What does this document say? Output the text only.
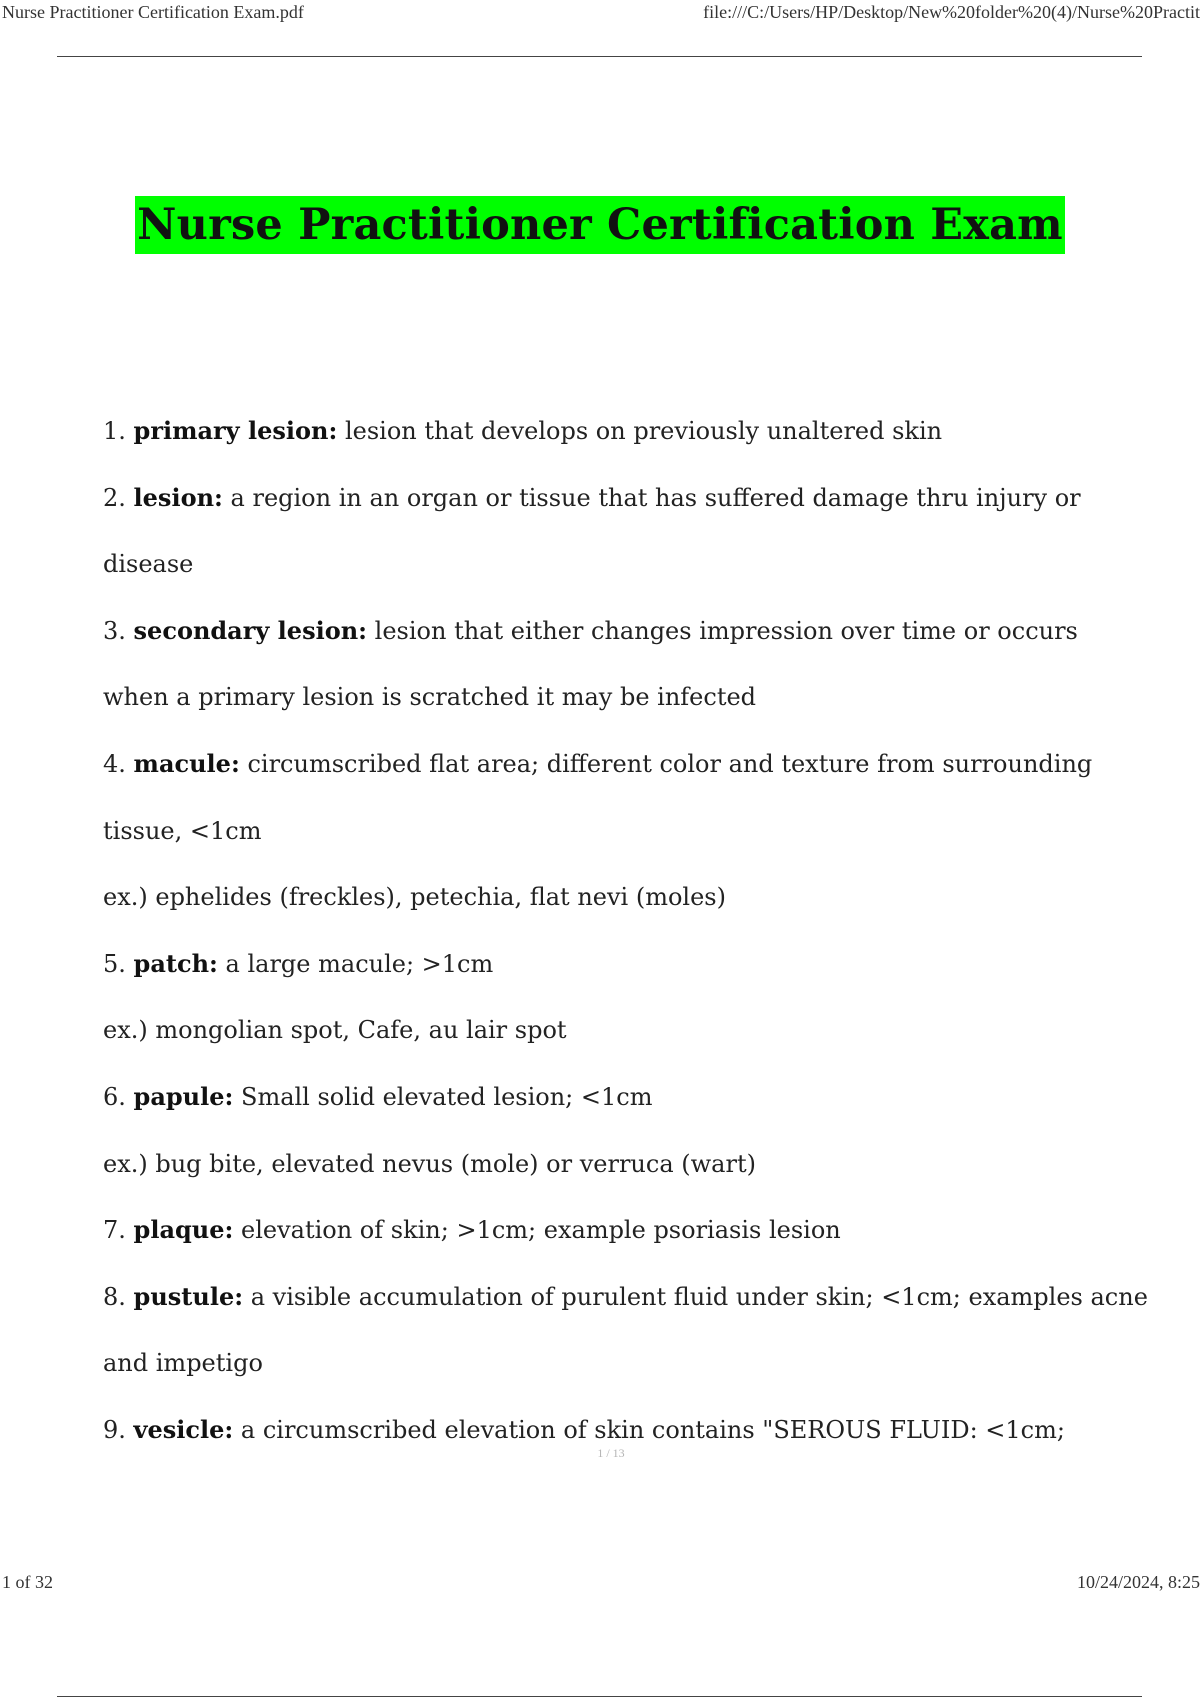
Nurse Practitioner Certification Exam.pdf	file:///C:/Users/HP/Desktop/New%20folder%20(4)/Nurse%20Practit
Nurse Practitioner Certification Exam
1. primary lesion: lesion that develops on previously unaltered skin
2. lesion: a region in an organ or tissue that has suffered damage thru injury or
disease
3. secondary lesion: lesion that either changes impression over time or occurs
when a primary lesion is scratched it may be infected
4. macule: circumscribed flat area; different color and texture from surrounding
tissue, <1cm
ex.) ephelides (freckles), petechia, flat nevi (moles)
5. patch: a large macule; >1cm
ex.) mongolian spot, Cafe, au lair spot
6. papule: Small solid elevated lesion; <1cm
ex.) bug bite, elevated nevus (mole) or verruca (wart)
7. plaque: elevation of skin; >1cm; example psoriasis lesion
8. pustule: a visible accumulation of purulent fluid under skin; <1cm; examples acne
and impetigo
9. vesicle: a circumscribed elevation of skin contains "SEROUS FLUID: <1cm;
1 / 13
1 of 32	10/24/2024, 8:25
